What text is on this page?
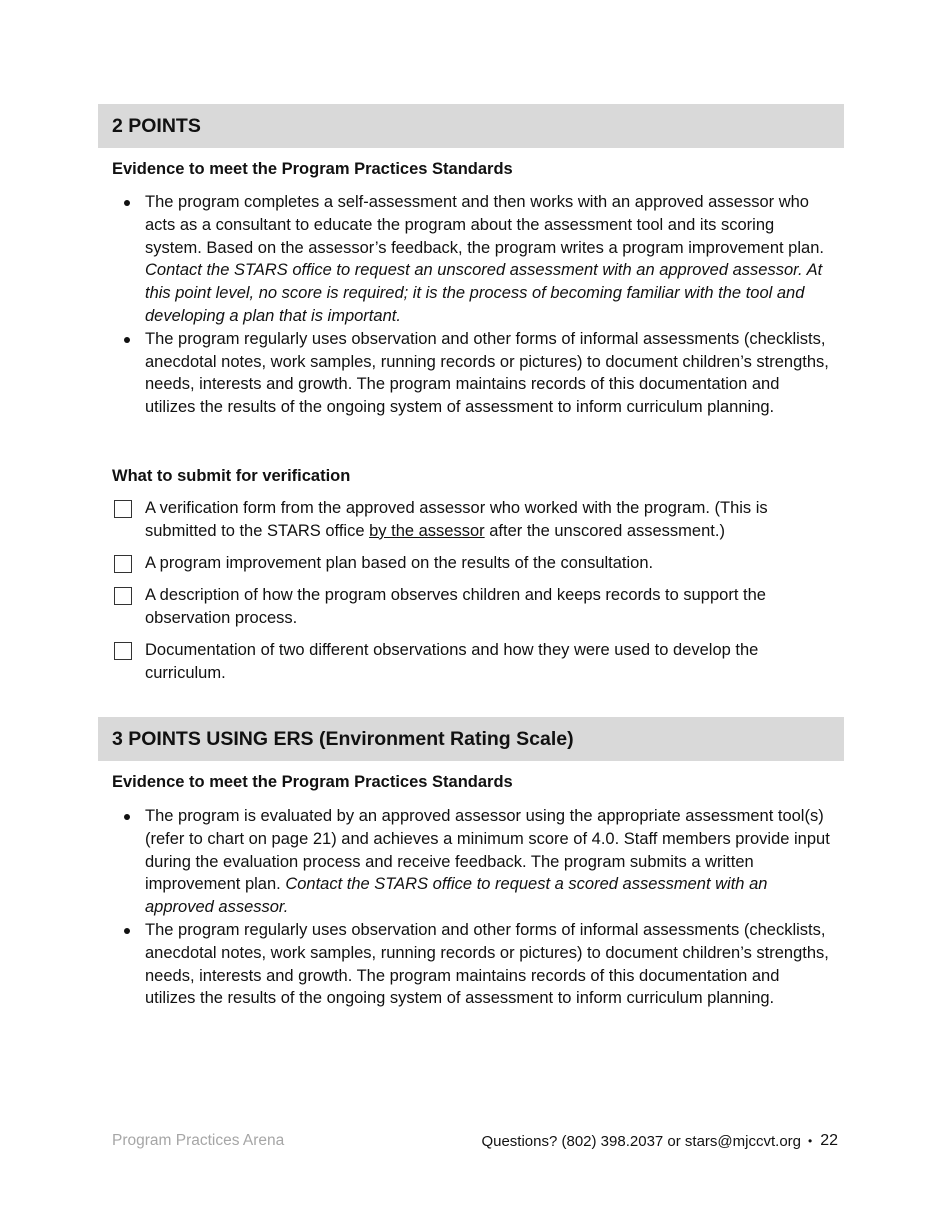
2 POINTS
Evidence to meet the Program Practices Standards
The program completes a self-assessment and then works with an approved assessor who acts as a consultant to educate the program about the assessment tool and its scoring system. Based on the assessor’s feedback, the program writes a program improvement plan. Contact the STARS office to request an unscored assessment with an approved assessor. At this point level, no score is required; it is the process of becoming familiar with the tool and developing a plan that is important.
The program regularly uses observation and other forms of informal assessments (checklists, anecdotal notes, work samples, running records or pictures) to document children’s strengths, needs, interests and growth. The program maintains records of this documentation and utilizes the results of the ongoing system of assessment to inform curriculum planning.
What to submit for verification
A verification form from the approved assessor who worked with the program. (This is submitted to the STARS office by the assessor after the unscored assessment.)
A program improvement plan based on the results of the consultation.
A description of how the program observes children and keeps records to support the observation process.
Documentation of two different observations and how they were used to develop the curriculum.
3 POINTS USING ERS (Environment Rating Scale)
Evidence to meet the Program Practices Standards
The program is evaluated by an approved assessor using the appropriate assessment tool(s) (refer to chart on page 21) and achieves a minimum score of 4.0. Staff members provide input during the evaluation process and receive feedback. The program submits a written improvement plan. Contact the STARS office to request a scored assessment with an approved assessor.
The program regularly uses observation and other forms of informal assessments (checklists, anecdotal notes, work samples, running records or pictures) to document children’s strengths, needs, interests and growth. The program maintains records of this documentation and utilizes the results of the ongoing system of assessment to inform curriculum planning.
Program Practices Arena	Questions? (802) 398.2037 or stars@mjccvt.org • 22
